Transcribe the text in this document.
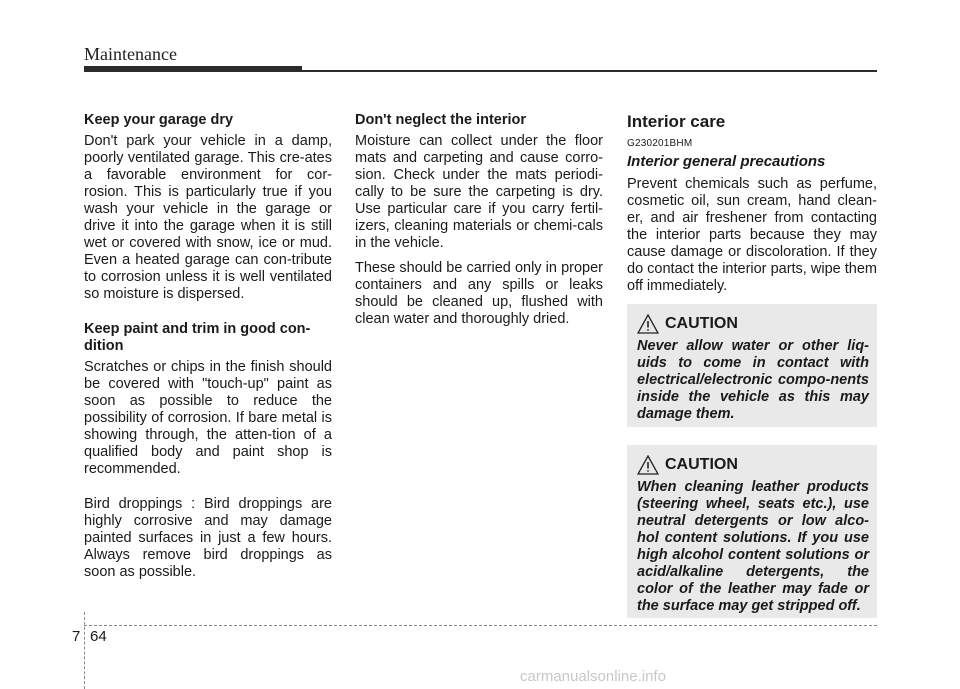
Maintenance
Keep your garage dry
Don't park your vehicle in a damp, poorly ventilated garage. This cre-ates a favorable environment for cor-rosion. This is particularly true if you wash your vehicle in the garage or drive it into the garage when it is still wet or covered with snow, ice or mud. Even a heated garage can con-tribute to corrosion unless it is well ventilated so moisture is dispersed.
Keep paint and trim in good con-dition
Scratches or chips in the finish should be covered with "touch-up" paint as soon as possible to reduce the possibility of corrosion. If bare metal is showing through, the atten-tion of a qualified body and paint shop is recommended.
Bird droppings : Bird droppings are highly corrosive and may damage painted surfaces in just a few hours. Always remove bird droppings as soon as possible.
Don't neglect the interior
Moisture can collect under the floor mats and carpeting and cause corro-sion. Check under the mats periodi-cally to be sure the carpeting is dry. Use particular care if you carry fertil-izers, cleaning materials or chemi-cals in the vehicle.
These should be carried only in proper containers and any spills or leaks should be cleaned up, flushed with clean water and thoroughly dried.
Interior care
G230201BHM
Interior general precautions
Prevent chemicals such as perfume, cosmetic oil, sun cream, hand clean-er, and air freshener from contacting the interior parts because they may cause damage or discoloration. If they do contact the interior parts, wipe them off immediately.
CAUTION

Never allow water or other liq-uids to come in contact with electrical/electronic compo-nents inside the vehicle as this may damage them.

CAUTION

When cleaning leather products (steering wheel, seats etc.), use neutral detergents or low alco-hol content solutions. If you use high alcohol content solutions or acid/alkaline detergents, the color of the leather may fade or the surface may get stripped off.

7 64
carmanualsonline.info
